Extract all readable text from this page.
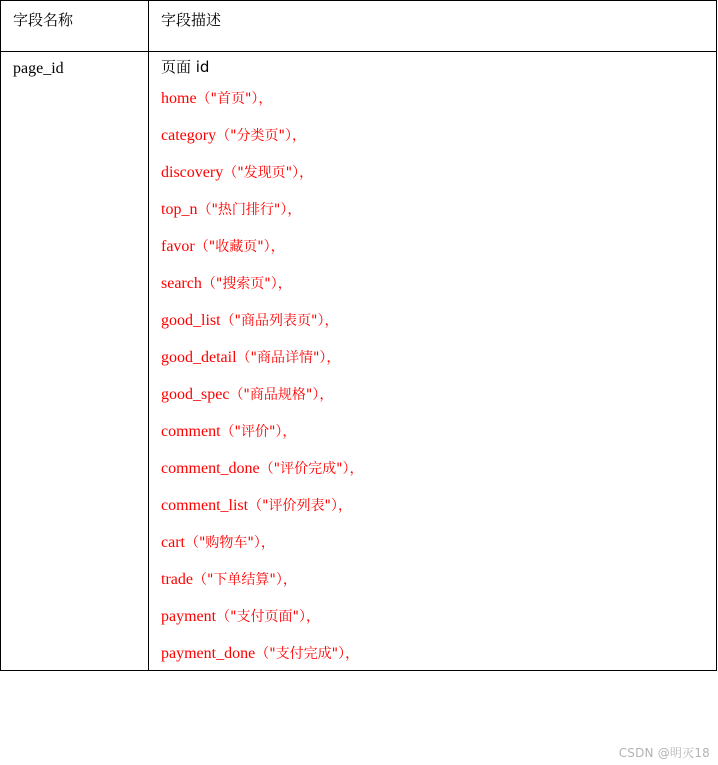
字段名称	字段描述
page_id	页面 id
home（"首页"），
category（"分类页"），
discovery（"发现页"），
top_n（"热门排行"），
favor（"收藏页"），
search（"搜索页"），
good_list（"商品列表页"），
good_detail（"商品详情"），
good_spec（"商品规格"），
comment（"评价"），
comment_done（"评价完成"），
comment_list（"评价列表"），
cart（"购物车"），
trade（"下单结算"），
payment（"支付页面"），
payment_done（"支付完成"），
CSDN @明灭18
